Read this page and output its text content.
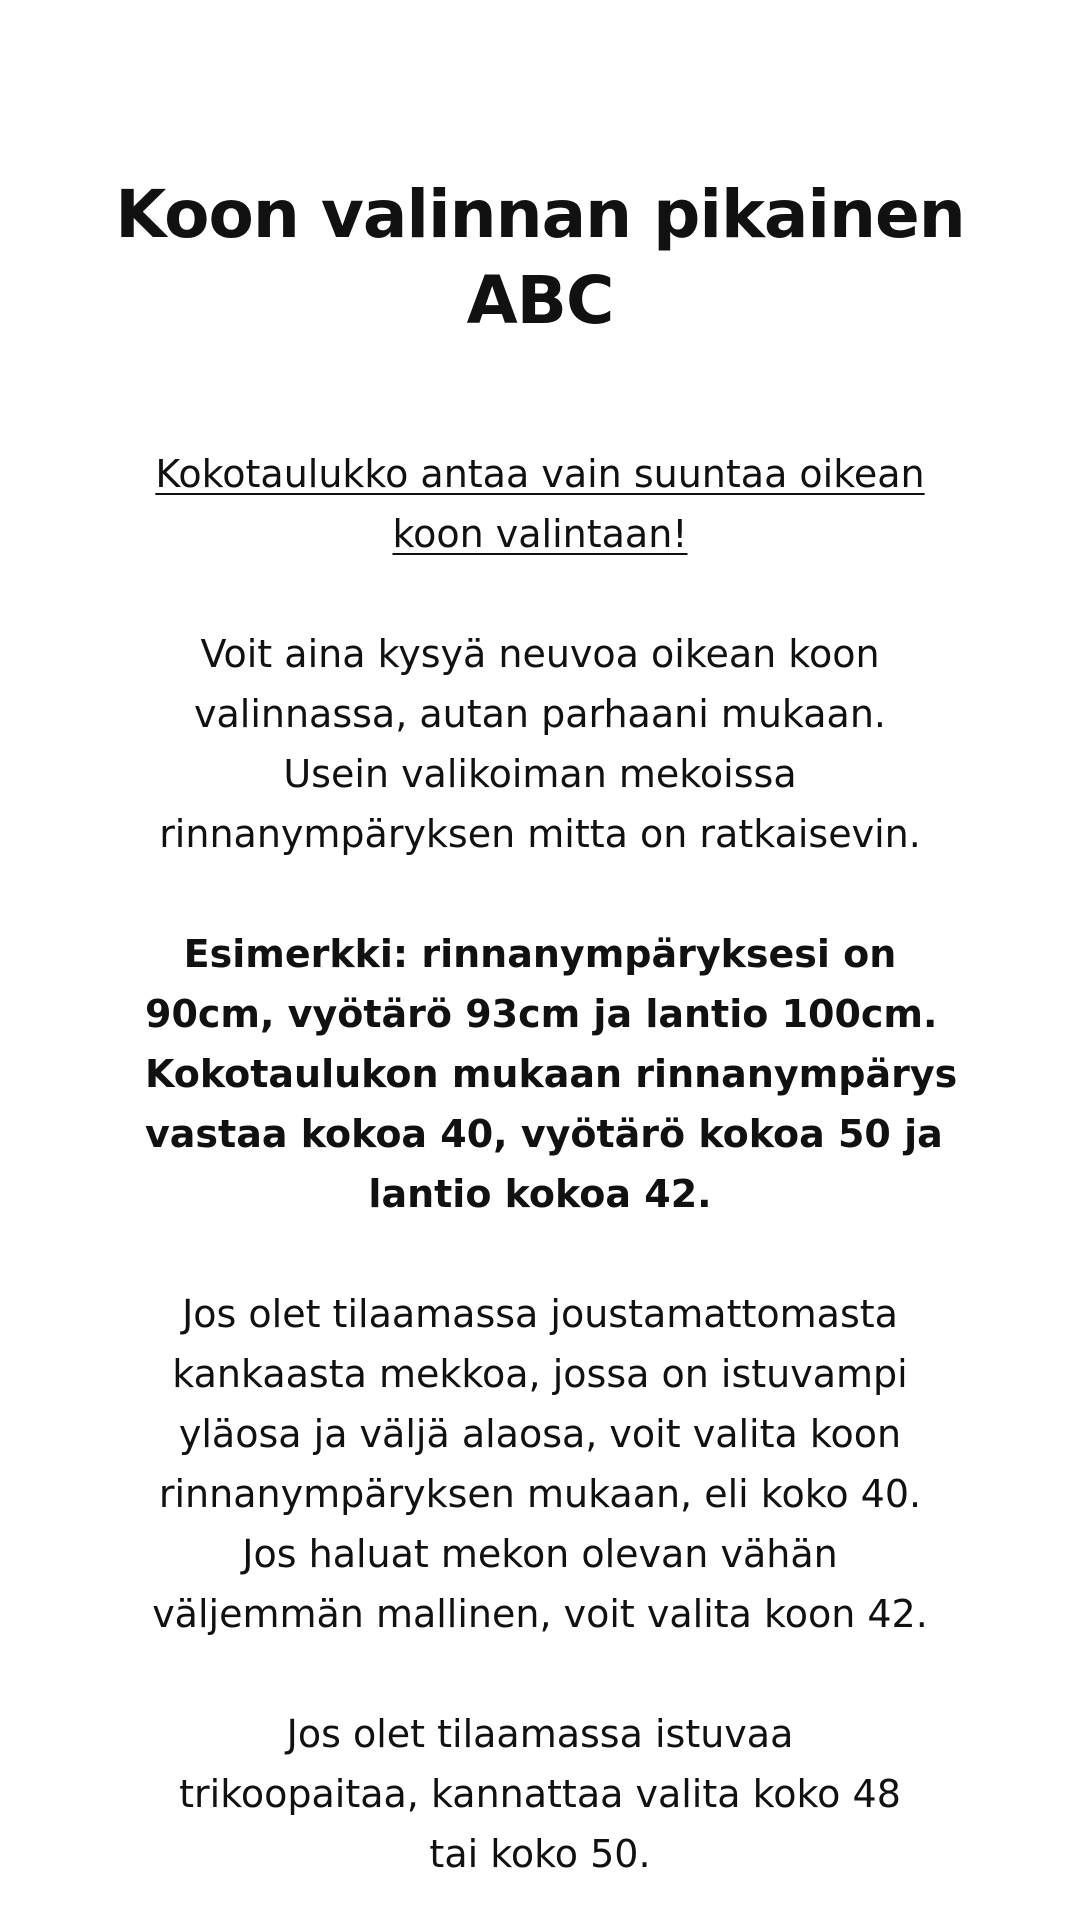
Koon valinnan pikainen ABC

Kokotaulukko antaa vain suuntaa oikean
koon valintaan!

Voit aina kysyä neuvoa oikean koon
valinnassa, autan parhaani mukaan.
Usein valikoiman mekoissa
rinnanympäryksen mitta on ratkaisevin.

Esimerkki: rinnanympäryksesi on
90cm, vyötärö 93cm ja lantio 100cm.
Kokotaulukon mukaan rinnanympärys
vastaa kokoa 40, vyötärö kokoa 50 ja
lantio kokoa 42.

Jos olet tilaamassa joustamattomasta
kankaasta mekkoa, jossa on istuvampi
yläosa ja väljä alaosa, voit valita koon
rinnanympäryksen mukaan, eli koko 40.
Jos haluat mekon olevan vähän
väljemmän mallinen, voit valita koon 42.

Jos olet tilaamassa istuvaa
trikoopaitaa, kannattaa valita koko 48
tai koko 50.
